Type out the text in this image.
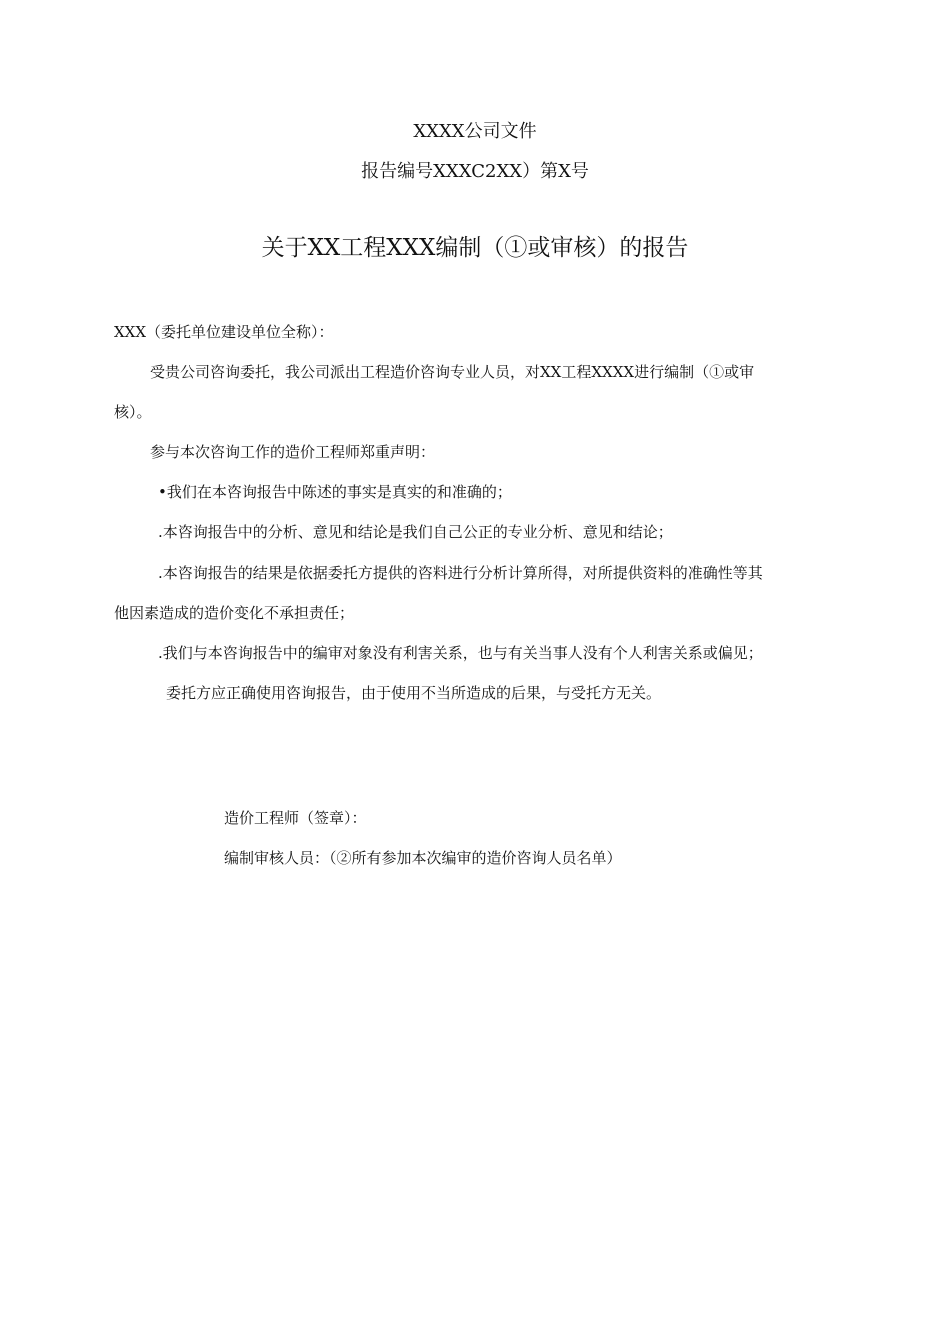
XXXX公司文件
报告编号XXXC2XX）第X号
关于XX工程XXX编制（①或审核）的报告
XXX（委托单位建设单位全称）：
受贵公司咨询委托，我公司派出工程造价咨询专业人员，对XX工程XXXX进行编制（①或审
核）。
参与本次咨询工作的造价工程师郑重声明：
•我们在本咨询报告中陈述的事实是真实的和准确的；
.本咨询报告中的分析、意见和结论是我们自己公正的专业分析、意见和结论；
.本咨询报告的结果是依据委托方提供的咨料进行分析计算所得，对所提供资料的准确性等其
他因素造成的造价变化不承担责任；
.我们与本咨询报告中的编审对象没有利害关系，也与有关当事人没有个人利害关系或偏见；
委托方应正确使用咨询报告，由于使用不当所造成的后果，与受托方无关。
造价工程师（签章）：
编制审核人员：（②所有参加本次编审的造价咨询人员名单）
